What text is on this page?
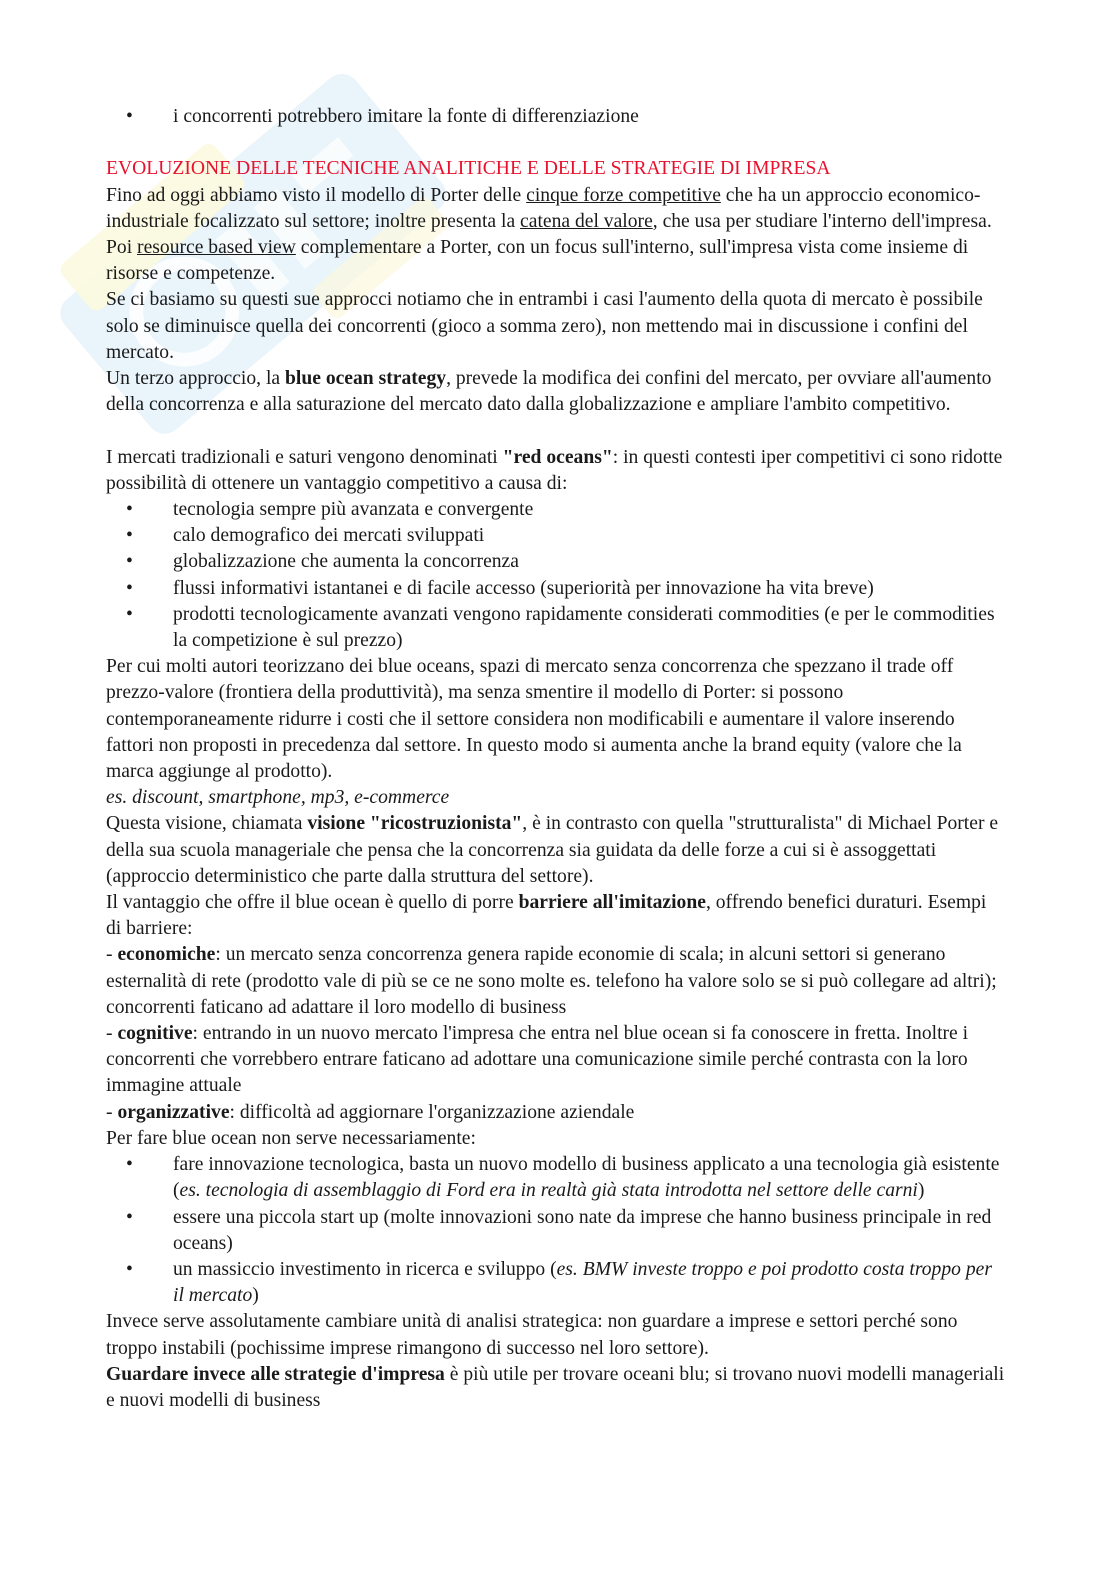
• i concorrenti potrebbero imitare la fonte di differenziazione

EVOLUZIONE DELLE TECNICHE ANALITICHE E DELLE STRATEGIE DI IMPRESA

Fino ad oggi abbiamo visto il modello di Porter delle cinque forze competitive che ha un approccio economico-industriale focalizzato sul settore; inoltre presenta la catena del valore, che usa per studiare l'interno dell'impresa. Poi resource based view complementare a Porter, con un focus sull'interno, sull'impresa vista come insieme di risorse e competenze.

Se ci basiamo su questi sue approcci notiamo che in entrambi i casi l'aumento della quota di mercato è possibile solo se diminuisce quella dei concorrenti (gioco a somma zero), non mettendo mai in discussione i confini del mercato.

Un terzo approccio, la blue ocean strategy, prevede la modifica dei confini del mercato, per ovviare all'aumento della concorrenza e alla saturazione del mercato dato dalla globalizzazione e ampliare l'ambito competitivo.

I mercati tradizionali e saturi vengono denominati "red oceans": in questi contesti iper competitivi ci sono ridotte possibilità di ottenere un vantaggio competitivo a causa di:

• tecnologia sempre più avanzata e convergente
• calo demografico dei mercati sviluppati
• globalizzazione che aumenta la concorrenza
• flussi informativi istantanei e di facile accesso (superiorità per innovazione ha vita breve)
• prodotti tecnologicamente avanzati vengono rapidamente considerati commodities (e per le commodities la competizione è sul prezzo)

Per cui molti autori teorizzano dei blue oceans, spazi di mercato senza concorrenza che spezzano il trade off prezzo-valore (frontiera della produttività), ma senza smentire il modello di Porter: si possono contemporaneamente ridurre i costi che il settore considera non modificabili e aumentare il valore inserendo fattori non proposti in precedenza dal settore. In questo modo si aumenta anche la brand equity (valore che la marca aggiunge al prodotto).

es. discount, smartphone, mp3, e-commerce

Questa visione, chiamata visione "ricostruzionista", è in contrasto con quella "strutturalista" di Michael Porter e della sua scuola manageriale che pensa che la concorrenza sia guidata da delle forze a cui si è assoggettati (approccio deterministico che parte dalla struttura del settore).

Il vantaggio che offre il blue ocean è quello di porre barriere all'imitazione, offrendo benefici duraturi. Esempi di barriere:

- economiche: un mercato senza concorrenza genera rapide economie di scala; in alcuni settori si generano esternalità di rete (prodotto vale di più se ce ne sono molte es. telefono ha valore solo se si può collegare ad altri); concorrenti faticano ad adattare il loro modello di business

- cognitive: entrando in un nuovo mercato l'impresa che entra nel blue ocean si fa conoscere in fretta. Inoltre i concorrenti che vorrebbero entrare faticano ad adottare una comunicazione simile perché contrasta con la loro immagine attuale

- organizzative: difficoltà ad aggiornare l'organizzazione aziendale

Per fare blue ocean non serve necessariamente:

• fare innovazione tecnologica, basta un nuovo modello di business applicato a una tecnologia già esistente (es. tecnologia di assemblaggio di Ford era in realtà già stata introdotta nel settore delle carni)
• essere una piccola start up (molte innovazioni sono nate da imprese che hanno business principale in red oceans)
• un massiccio investimento in ricerca e sviluppo (es. BMW investe troppo e poi prodotto costa troppo per il mercato)

Invece serve assolutamente cambiare unità di analisi strategica: non guardare a imprese e settori perché sono troppo instabili (pochissime imprese rimangono di successo nel loro settore).

Guardare invece alle strategie d'impresa è più utile per trovare oceani blu; si trovano nuovi modelli manageriali e nuovi modelli di business
